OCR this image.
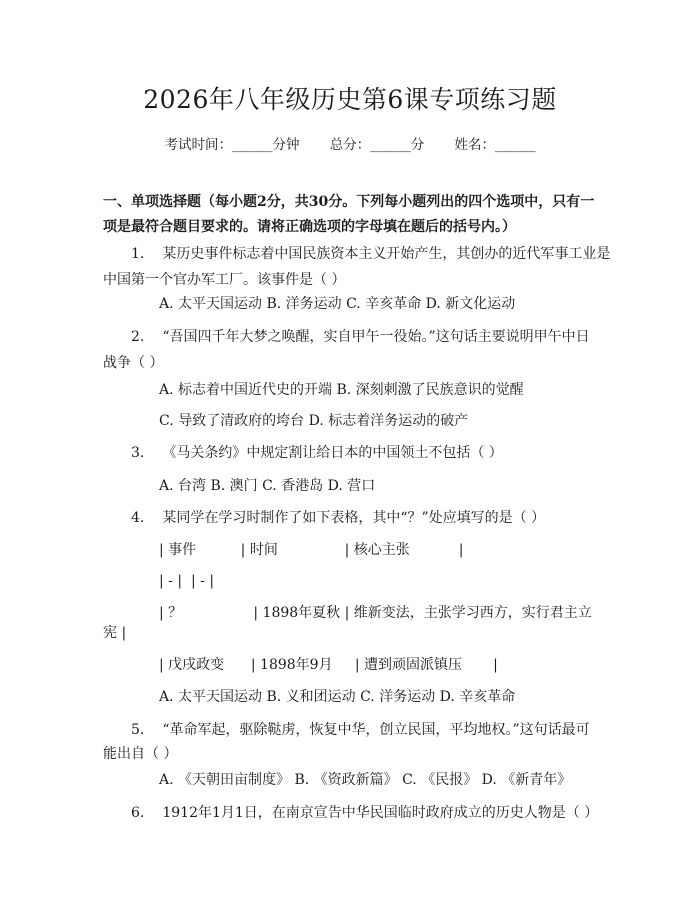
2026年八年级历史第6课专项练习题
考试时间：______分钟 总分：______分 姓名：______
一、单项选择题（每小题2分，共30分。下列每小题列出的四个选项中，只有一
项是最符合题目要求的。请将正确选项的字母填在题后的括号内。）
1. 某历史事件标志着中国民族资本主义开始产生，其创办的近代军事工业是
中国第一个官办军工厂。该事件是（ ）
A. 太平天国运动 B. 洋务运动 C. 辛亥革命 D. 新文化运动
2. “吾国四千年大梦之唤醒，实自甲午一役始。”这句话主要说明甲午中日
战争（ ）
A. 标志着中国近代史的开端 B. 深刻刺激了民族意识的觉醒
C. 导致了清政府的垮台 D. 标志着洋务运动的破产
3. 《马关条约》中规定割让给日本的中国领土不包括（ ）
A. 台湾 B. 澳门 C. 香港岛 D. 营口
4. 某同学在学习时制作了如下表格，其中“？”处应填写的是（ ）
| 事件          | 时间               | 核心主张           |
| - |  | - |
| ？                | 1898年夏秋 | 维新变法，主张学习西方，实行君主立
宪 |
| 戊戌政变      | 1898年9月     | 遭到顽固派镇压       |
A. 太平天国运动 B. 义和团运动 C. 洋务运动 D. 辛亥革命
5. “革命军起，驱除鞑虏，恢复中华，创立民国，平均地权。”这句话最可
能出自（ ）
A. 《天朝田亩制度》 B. 《资政新篇》 C. 《民报》 D. 《新青年》
6. 1912年1月1日，在南京宣告中华民国临时政府成立的历史人物是（ ）
